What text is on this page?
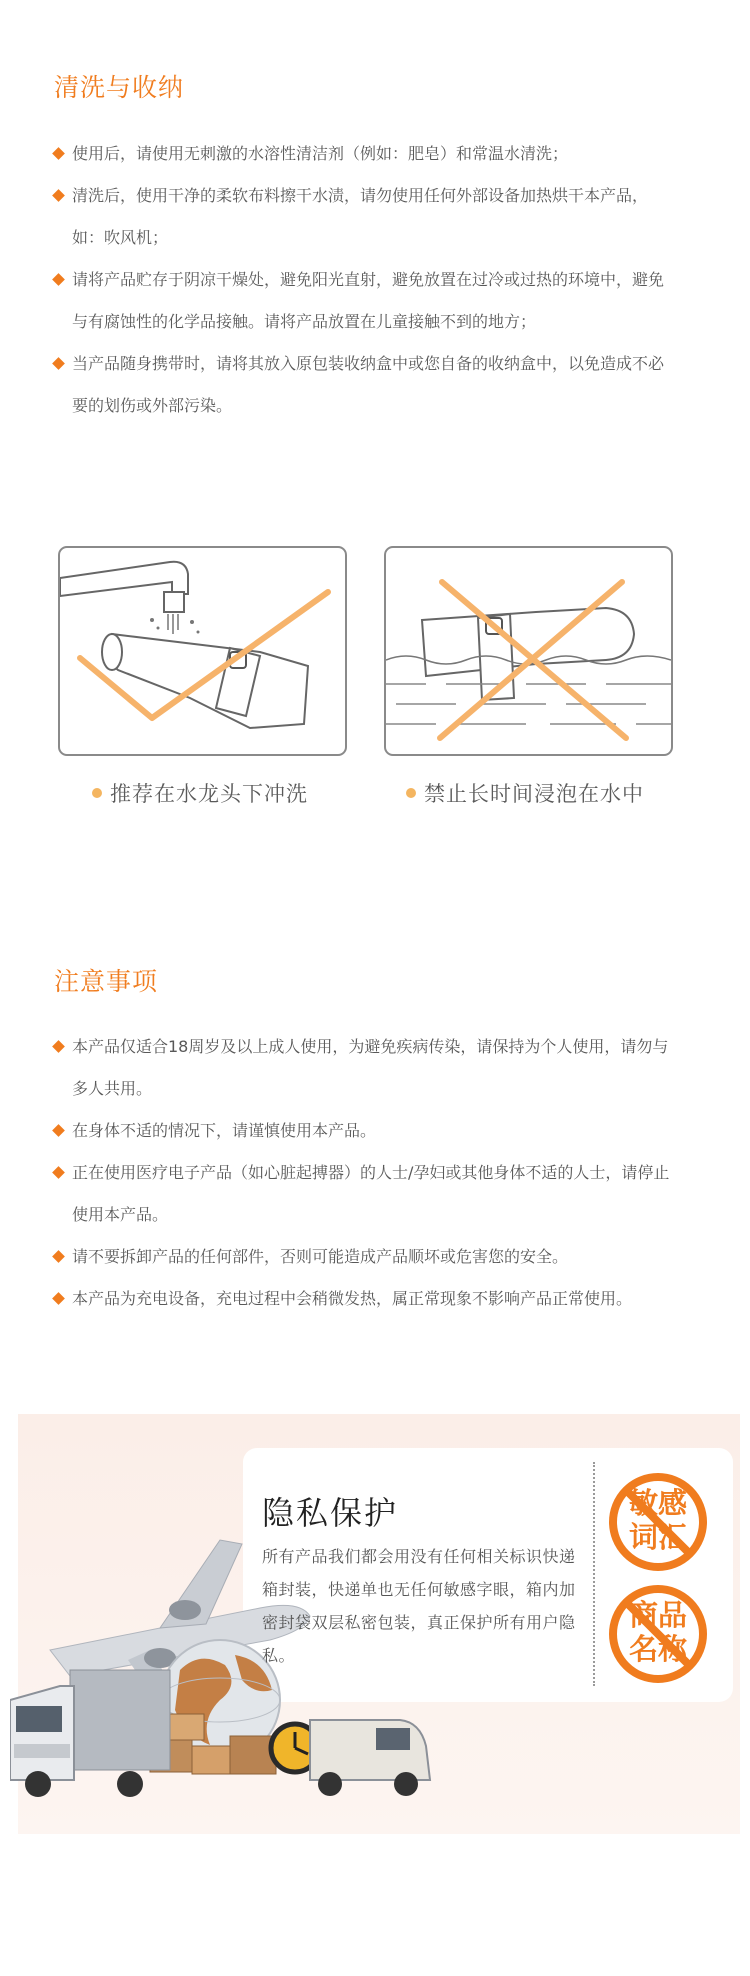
清洗与收纳
使用后，请使用无刺激的水溶性清洁剂（例如：肥皂）和常温水清洗；
清洗后，使用干净的柔软布料擦干水渍，请勿使用任何外部设备加热烘干本产品，如：吹风机；
请将产品贮存于阴凉干燥处，避免阳光直射，避免放置在过冷或过热的环境中，避免与有腐蚀性的化学品接触。请将产品放置在儿童接触不到的地方；
当产品随身携带时，请将其放入原包装收纳盒中或您自备的收纳盒中，以免造成不必要的划伤或外部污染。
推荐在水龙头下冲洗	禁止长时间浸泡在水中
注意事项
本产品仅适合18周岁及以上成人使用，为避免疾病传染，请保持为个人使用，请勿与多人共用。
在身体不适的情况下，请谨慎使用本产品。
正在使用医疗电子产品（如心脏起搏器）的人士/孕妇或其他身体不适的人士，请停止使用本产品。
请不要拆卸产品的任何部件，否则可能造成产品顺坏或危害您的安全。
本产品为充电设备，充电过程中会稍微发热，属正常现象不影响产品正常使用。
隐私保护
所有产品我们都会用没有任何相关标识快递箱封装，快递单也无任何敏感字眼，箱内加密封袋双层私密包装，真正保护所有用户隐私。
敏感
词汇
商品
名称
